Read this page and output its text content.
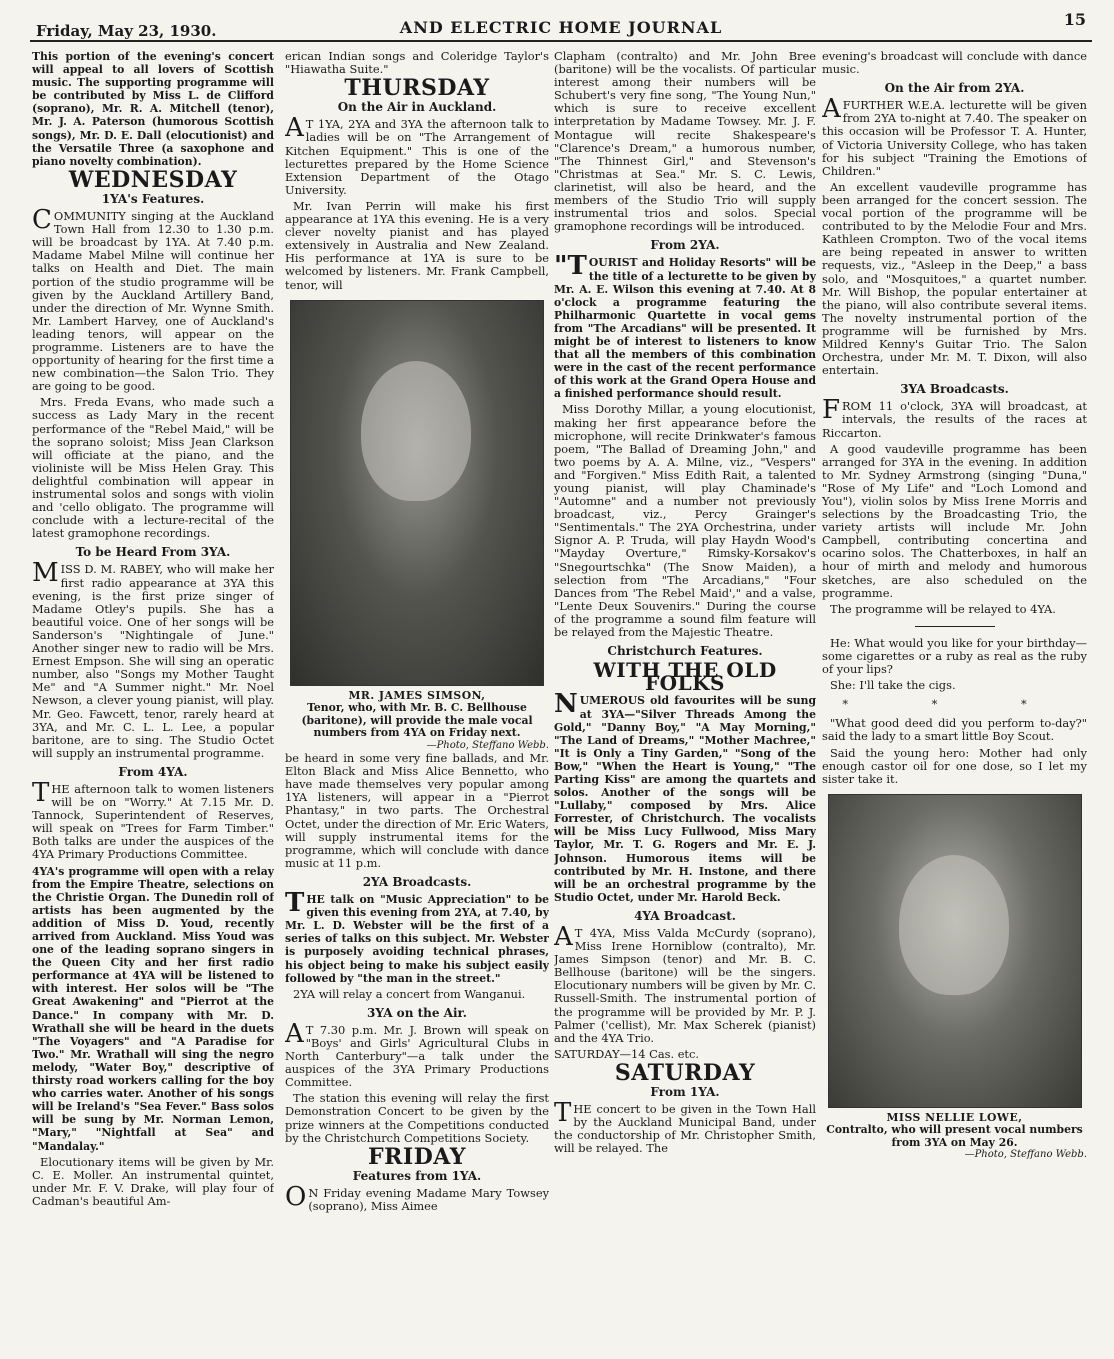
Friday, May 23, 1930.	AND ELECTRIC HOME JOURNAL	15

This portion of the evening's concert will appeal to all lovers of Scottish music. The supporting programme will be contributed by Miss L. de Clifford (soprano), Mr. R. A. Mitchell (tenor), Mr. J. A. Paterson (humorous Scottish songs), Mr. D. E. Dall (elocutionist) and the Versatile Three (a saxophone and piano novelty combination).

WEDNESDAY
1YA's Features.

COMMUNITY singing at the Auckland Town Hall from 12.30 to 1.30 p.m. will be broadcast by 1YA. At 7.40 p.m. Madame Mabel Milne will continue her talks on Health and Diet. The main portion of the studio programme will be given by the Auckland Artillery Band, under the direction of Mr. Wynne Smith. Mr. Lambert Harvey, one of Auckland's leading tenors, will appear on the programme. Listeners are to have the opportunity of hearing for the first time a new combination—the Salon Trio. They are going to be good.

Mrs. Freda Evans, who made such a success as Lady Mary in the recent performance of the "Rebel Maid," will be the soprano soloist; Miss Jean Clarkson will officiate at the piano, and the violiniste will be Miss Helen Gray. This delightful combination will appear in instrumental solos and songs with violin and 'cello obligato. The programme will conclude with a lecture-recital of the latest gramophone recordings.

To be Heard From 3YA.

MISS D. M. RABEY, who will make her first radio appearance at 3YA this evening, is the first prize singer of Madame Otley's pupils. She has a beautiful voice. One of her songs will be Sanderson's "Nightingale of June." Another singer new to radio will be Mrs. Ernest Empson. She will sing an operatic number, also "Songs my Mother Taught Me" and "A Summer night." Mr. Noel Newson, a clever young pianist, will play. Mr. Geo. Fawcett, tenor, rarely heard at 3YA, and Mr. C. L. L. Lee, a popular baritone, are to sing. The Studio Octet will supply an instrumental programme.

From 4YA.

THE afternoon talk to women listeners will be on "Worry." At 7.15 Mr. D. Tannock, Superintendent of Reserves, will speak on "Trees for Farm Timber." Both talks are under the auspices of the 4YA Primary Productions Committee.

4YA's programme will open with a relay from the Empire Theatre, selections on the Christie Organ. The Dunedin roll of artists has been augmented by the addition of Miss D. Youd, recently arrived from Auckland. Miss Youd was one of the leading soprano singers in the Queen City and her first radio performance at 4YA will be listened to with interest. Her solos will be "The Great Awakening" and "Pierrot at the Dance." In company with Mr. D. Wrathall she will be heard in the duets "The Voyagers" and "A Paradise for Two." Mr. Wrathall will sing the negro melody, "Water Boy," descriptive of thirsty road workers calling for the boy who carries water. Another of his songs will be Ireland's "Sea Fever." Bass solos will be sung by Mr. Norman Lemon, "Mary," "Nightfall at Sea" and "Mandalay."

Elocutionary items will be given by Mr. C. E. Moller. An instrumental quintet, under Mr. F. V. Drake, will play four of Cadman's beautiful Am-

erican Indian songs and Coleridge Taylor's "Hiawatha Suite."

THURSDAY
On the Air in Auckland.

AT 1YA, 2YA and 3YA the afternoon talk to ladies will be on "The Arrangement of Kitchen Equipment." This is one of the lecturettes prepared by the Home Science Extension Department of the Otago University.

Mr. Ivan Perrin will make his first appearance at 1YA this evening. He is a very clever novelty pianist and has played extensively in Australia and New Zealand. His performance at 1YA is sure to be welcomed by listeners. Mr. Frank Campbell, tenor, will

MR. JAMES SIMSON,
Tenor, who, with Mr. B. C. Bellhouse (baritone), will provide the male vocal numbers from 4YA on Friday next.
—Photo, Steffano Webb.

be heard in some very fine ballads, and Mr. Elton Black and Miss Alice Bennetto, who have made themselves very popular among 1YA listeners, will appear in a "Pierrot Phantasy," in two parts. The Orchestral Octet, under the direction of Mr. Eric Waters, will supply instrumental items for the programme, which will conclude with dance music at 11 p.m.

2YA Broadcasts.

THE talk on "Music Appreciation" to be given this evening from 2YA, at 7.40, by Mr. L. D. Webster will be the first of a series of talks on this subject. Mr. Webster is purposely avoiding technical phrases, his object being to make his subject easily followed by "the man in the street."

2YA will relay a concert from Wanganui.

3YA on the Air.

AT 7.30 p.m. Mr. J. Brown will speak on "Boys' and Girls' Agricultural Clubs in North Canterbury"—a talk under the auspices of the 3YA Primary Productions Committee.

The station this evening will relay the first Demonstration Concert to be given by the prize winners at the Competitions conducted by the Christchurch Competitions Society.

FRIDAY
Features from 1YA.

ON Friday evening Madame Mary Towsey (soprano), Miss Aimee

Clapham (contralto) and Mr. John Bree (baritone) will be the vocalists. Of particular interest among their numbers will be Schubert's very fine song, "The Young Nun," which is sure to receive excellent interpretation by Madame Towsey. Mr. J. F. Montague will recite Shakespeare's "Clarence's Dream," a humorous number, "The Thinnest Girl," and Stevenson's "Christmas at Sea." Mr. S. C. Lewis, clarinetist, will also be heard, and the members of the Studio Trio will supply instrumental trios and solos. Special gramophone recordings will be introduced.

From 2YA.

"TOURIST and Holiday Resorts" will be the title of a lecturette to be given by Mr. A. E. Wilson this evening at 7.40. At 8 o'clock a programme featuring the Philharmonic Quartette in vocal gems from "The Arcadians" will be presented. It might be of interest to listeners to know that all the members of this combination were in the cast of the recent performance of this work at the Grand Opera House and a finished performance should result.

Miss Dorothy Millar, a young elocutionist, making her first appearance before the microphone, will recite Drinkwater's famous poem, "The Ballad of Dreaming John," and two poems by A. A. Milne, viz., "Vespers" and "Forgiven." Miss Edith Rait, a talented young pianist, will play Chaminade's "Automne" and a number not previously broadcast, viz., Percy Grainger's "Sentimentals." The 2YA Orchestrina, under Signor A. P. Truda, will play Haydn Wood's "Mayday Overture," Rimsky-Korsakov's "Snegourtschka" (The Snow Maiden), a selection from "The Arcadians," "Four Dances from 'The Rebel Maid'," and a valse, "Lente Deux Souvenirs." During the course of the programme a sound film feature will be relayed from the Majestic Theatre.

Christchurch Features.
WITH THE OLD FOLKS

NUMEROUS old favourites will be sung at 3YA—"Silver Threads Among the Gold," "Danny Boy," "A May Morning," "The Land of Dreams," "Mother Machree," "It is Only a Tiny Garden," "Song of the Bow," "When the Heart is Young," "The Parting Kiss" are among the quartets and solos. Another of the songs will be "Lullaby," composed by Mrs. Alice Forrester, of Christchurch. The vocalists will be Miss Lucy Fullwood, Miss Mary Taylor, Mr. T. G. Rogers and Mr. E. J. Johnson. Humorous items will be contributed by Mr. H. Instone, and there will be an orchestral programme by the Studio Octet, under Mr. Harold Beck.

4YA Broadcast.

AT 4YA, Miss Valda McCurdy (soprano), Miss Irene Horniblow (contralto), Mr. James Simpson (tenor) and Mr. B. C. Bellhouse (baritone) will be the singers. Elocutionary numbers will be given by Mr. C. Russell-Smith. The instrumental portion of the programme will be provided by Mr. P. J. Palmer ('cellist), Mr. Max Scherek (pianist) and the 4YA Trio.

SATURDAY—14 Cas. etc.

SATURDAY
From 1YA.

THE concert to be given in the Town Hall by the Auckland Municipal Band, under the conductorship of Mr. Christopher Smith, will be relayed. The

evening's broadcast will conclude with dance music.

On the Air from 2YA.

AFURTHER W.E.A. lecturette will be given from 2YA to-night at 7.40. The speaker on this occasion will be Professor T. A. Hunter, of Victoria University College, who has taken for his subject "Training the Emotions of Children."

An excellent vaudeville programme has been arranged for the concert session. The vocal portion of the programme will be contributed to by the Melodie Four and Mrs. Kathleen Crompton. Two of the vocal items are being repeated in answer to written requests, viz., "Asleep in the Deep," a bass solo, and "Mosquitoes," a quartet number. Mr. Will Bishop, the popular entertainer at the piano, will also contribute several items. The novelty instrumental portion of the programme will be furnished by Mrs. Mildred Kenny's Guitar Trio. The Salon Orchestra, under Mr. M. T. Dixon, will also entertain.

3YA Broadcasts.

FROM 11 o'clock, 3YA will broadcast, at intervals, the results of the races at Riccarton.

A good vaudeville programme has been arranged for 3YA in the evening. In addition to Mr. Sydney Armstrong (singing "Duna," "Rose of My Life" and "Loch Lomond and You"), violin solos by Miss Irene Morris and selections by the Broadcasting Trio, the variety artists will include Mr. John Campbell, contributing concertina and ocarino solos. The Chatterboxes, in half an hour of mirth and melody and humorous sketches, are also scheduled on the programme.

The programme will be relayed to 4YA.

He: What would you like for your birthday—some cigarettes or a ruby as real as the ruby of your lips?

She: I'll take the cigs.

* * *

"What good deed did you perform to-day?" said the lady to a smart little Boy Scout.

Said the young hero: Mother had only enough castor oil for one dose, so I let my sister take it.

MISS NELLIE LOWE,
Contralto, who will present vocal numbers from 3YA on May 26.
—Photo, Steffano Webb.
